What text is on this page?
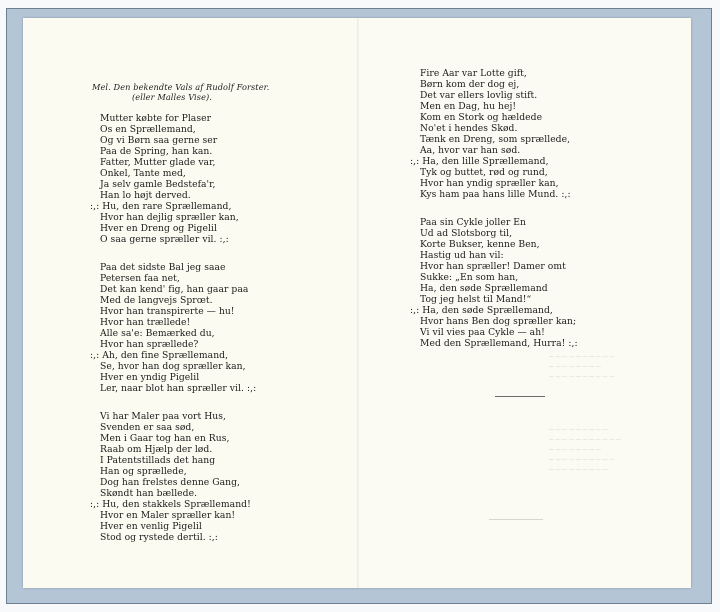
~~~~~~~~~~
~~~~~~~~
~~~~~~~~~~
~~~~~~~~~
~~~~~~~~~~~
~~~~~~~~
~~~~~~~~~~
~~~~~~~~~
Mel. Den bekendte Vals af Rudolf Forster.
(eller Malles Vise).
Mutter købte for Plaser
Os en Sprællemand,
Og vi Børn saa gerne ser
Paa de Spring, han kan.
Fatter, Mutter glade var,
Onkel, Tante med,
Ja selv gamle Bedstefa'r,
Han lo højt derved.
:,: Hu, den rare Sprællemand,
Hvor han dejlig spræller kan,
Hver en Dreng og Pigelil
O saa gerne spræller vil. :,:
Paa det sidste Bal jeg saae
Petersen faa net,
Det kan kend' fig, han gaar paa
Med de langvejs Sprœt.
Hvor han transpirerte — hu!
Hvor han trællede!
Alle sa'e: Bemærked du,
Hvor han sprællede?
:,: Ah, den fine Sprællemand,
Se, hvor han dog spræller kan,
Hver en yndig Pigelil
Ler, naar blot han spræller vil. :,:
Vi har Maler paa vort Hus,
Svenden er saa sød,
Men i Gaar tog han en Rus,
Raab om Hjælp der lød.
I Patentstillads det hang
Han og sprællede,
Dog han frelstes denne Gang,
Skøndt han bællede.
:,: Hu, den stakkels Sprællemand!
Hvor en Maler spræller kan!
Hver en venlig Pigelil
Stod og rystede dertil. :,:
Fire Aar var Lotte gift,
Børn kom der dog ej,
Det var ellers lovlig stift.
Men en Dag, hu hej!
Kom en Stork og hældede
No'et i hendes Skød.
Tænk en Dreng, som sprællede,
Aa, hvor var han sød.
:,: Ha, den lille Sprællemand,
Tyk og buttet, rød og rund,
Hvor han yndig spræller kan,
Kys ham paa hans lille Mund. :,:
Paa sin Cykle joller En
Ud ad Slotsborg til,
Korte Bukser, kenne Ben,
Hastig ud han vil:
Hvor han spræller! Damer omt
Sukke: „En som han,
Ha, den søde Sprællemand
Tog jeg helst til Mand!“
:,: Ha, den søde Sprællemand,
Hvor hans Ben dog spræller kan;
Vi vil vies paa Cykle — ah!
Med den Sprællemand, Hurra! :,:
